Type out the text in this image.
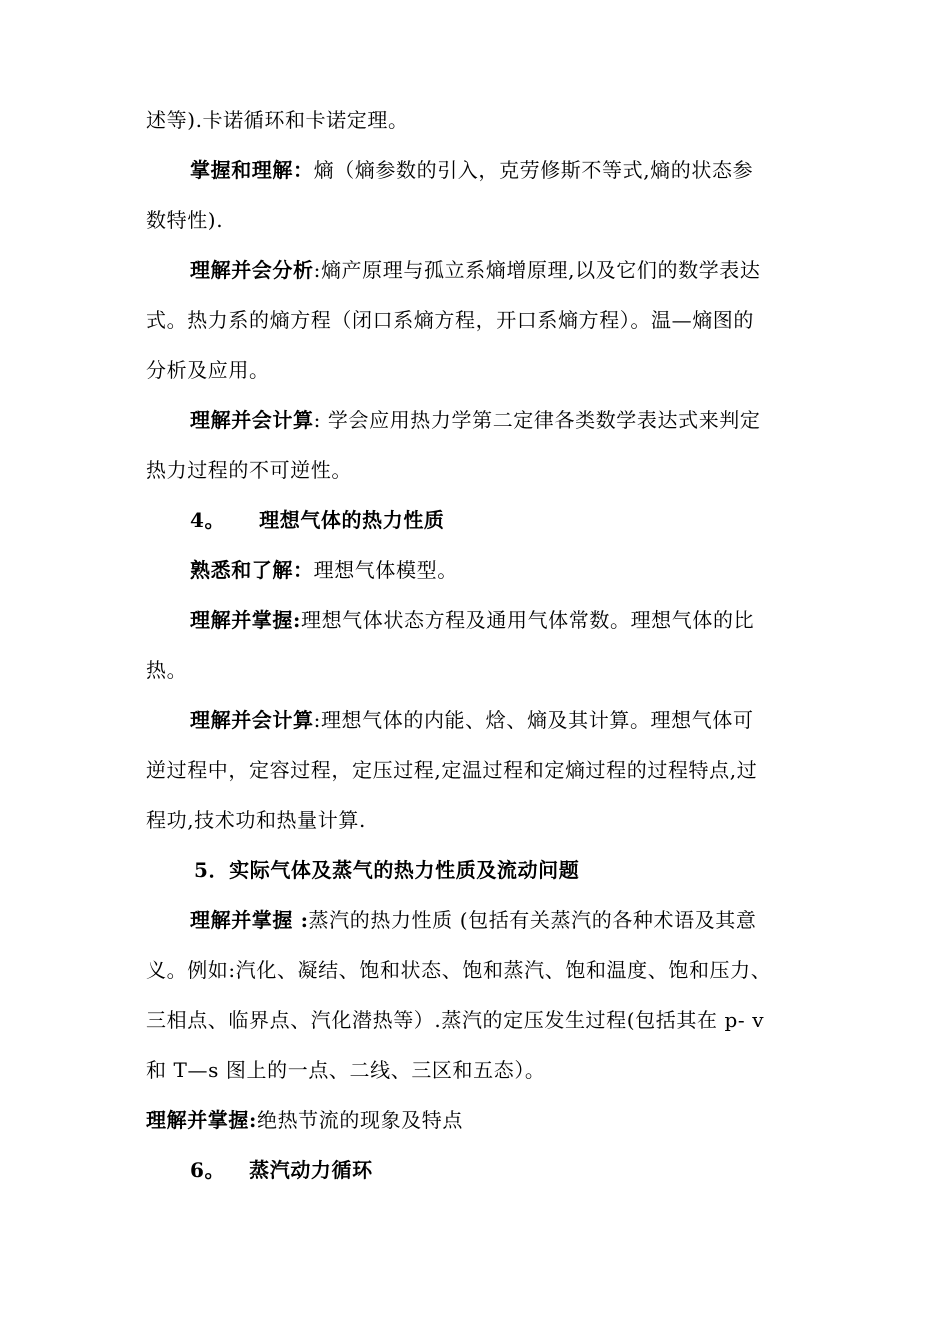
述等).卡诺循环和卡诺定理。
掌握和理解：熵（熵参数的引入，克劳修斯不等式,熵的状态参
数特性).
理解并会分析:熵产原理与孤立系熵增原理,以及它们的数学表达
式。热力系的熵方程（闭口系熵方程，开口系熵方程）。温—熵图的
分析及应用。
理解并会计算: 学会应用热力学第二定律各类数学表达式来判定
热力过程的不可逆性。
4。 理想气体的热力性质
熟悉和了解：理想气体模型。
理解并掌握:理想气体状态方程及通用气体常数。理想气体的比
热。
理解并会计算:理想气体的内能、焓、熵及其计算。理想气体可
逆过程中，定容过程，定压过程,定温过程和定熵过程的过程特点,过
程功,技术功和热量计算.
5．实际气体及蒸气的热力性质及流动问题
理解并掌握 :蒸汽的热力性质 (包括有关蒸汽的各种术语及其意
义。例如:汽化、凝结、饱和状态、饱和蒸汽、饱和温度、饱和压力、
三相点、临界点、汽化潜热等）.蒸汽的定压发生过程(包括其在 p- v
和 T—s 图上的一点、二线、三区和五态）。
理解并掌握:绝热节流的现象及特点
6。 蒸汽动力循环
